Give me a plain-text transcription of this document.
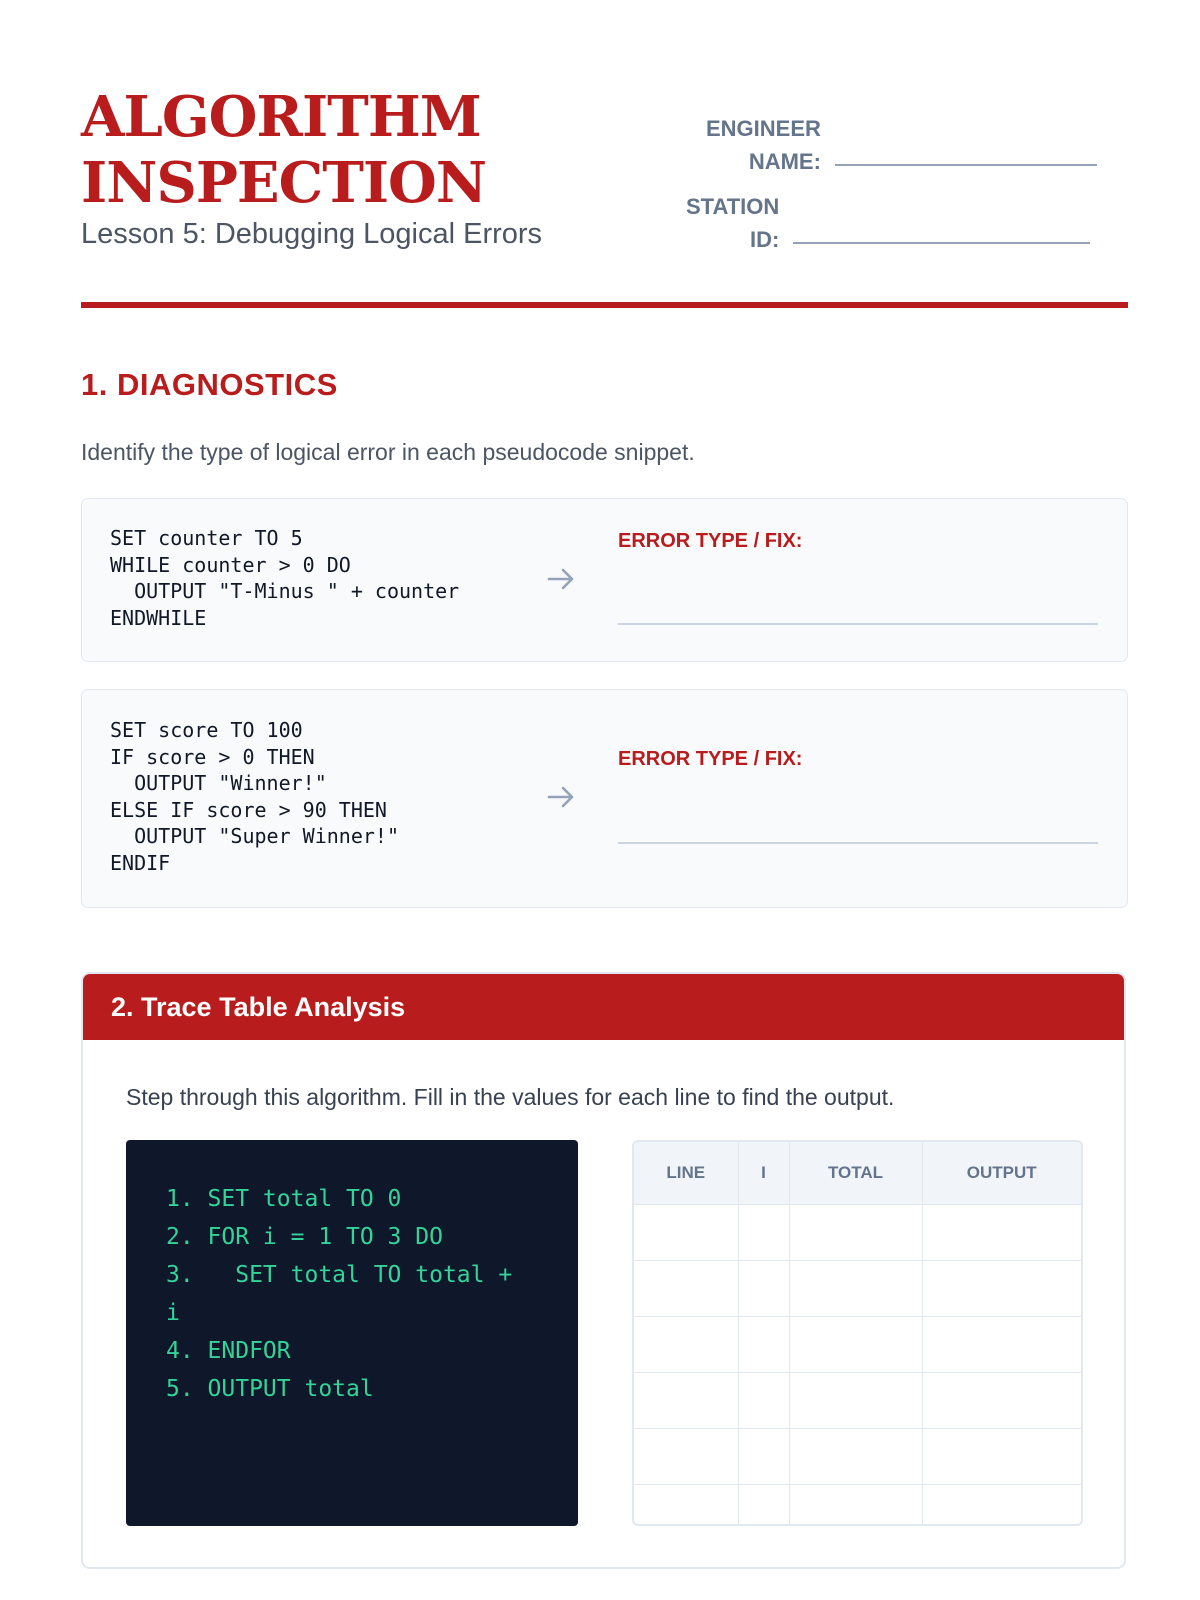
ALGORITHM
INSPECTION
Lesson 5: Debugging Logical Errors
ENGINEER
NAME:
STATION
ID:
1. DIAGNOSTICS
Identify the type of logical error in each pseudocode snippet.
SET counter TO 5
WHILE counter > 0 DO
OUTPUT "T-Minus " + counter
ENDWHILE
ERROR TYPE / FIX:
SET score TO 100
IF score > 0 THEN
OUTPUT "Winner!"
ELSE IF score > 90 THEN
OUTPUT "Super Winner!"
ENDIF
ERROR TYPE / FIX:
2. Trace Table Analysis
Step through this algorithm. Fill in the values for each line to find the output.
1. SET total TO 0
2. FOR i = 1 TO 3 DO
3.   SET total TO total + i
4. ENDFOR
5. OUTPUT total
LINE	I	TOTAL	OUTPUT
